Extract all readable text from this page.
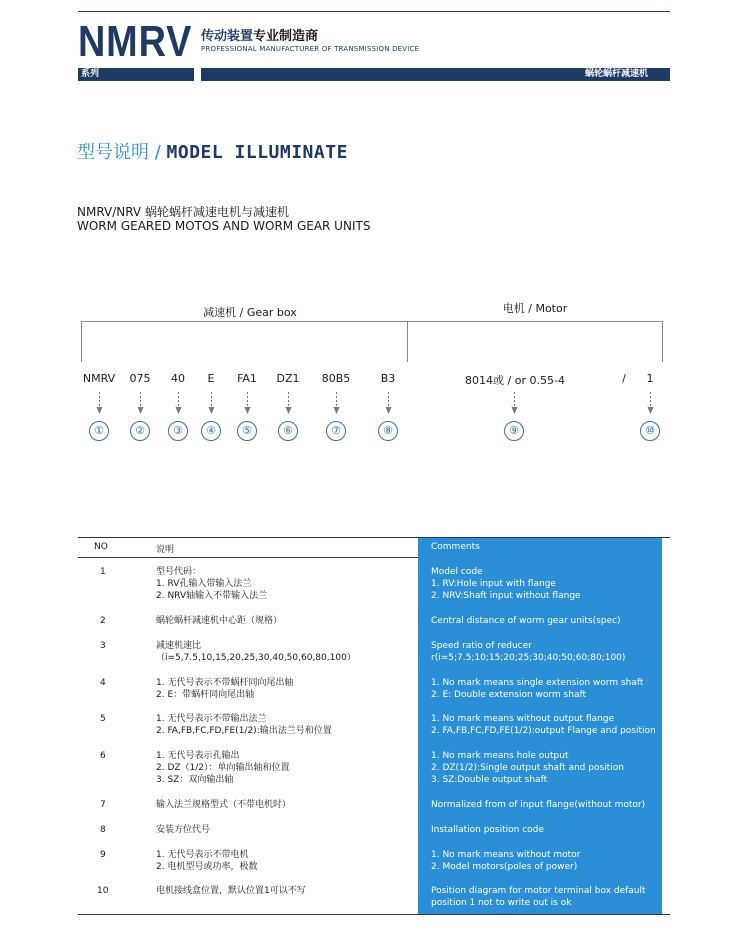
NMRV 传动装置专业制造商
PROFESSIONAL MANUFACTURER OF TRANSMISSION DEVICE
系列	蜗轮蜗杆减速机
型号说明 / MODEL ILLUMINATE
NMRV/NRV 蜗轮蜗杆减速电机与减速机
WORM GEARED MOTOS AND WORM GEAR UNITS
减速机 / Gear box	电机 / Motor
NMRV	075	40	E	FA1	DZ1	80B5	B3	8014或 / or 0.55-4	/	1
①	②	③	④	⑤	⑥	⑦	⑧	⑨	⑩
NO	说明	Comments
1	型号代码：
1. RV孔输入带输入法兰
2. NRV轴输入不带输入法兰
Model code
1. RV:Hole input with flange
2. NRV:Shaft input without flange
2	蜗轮蜗杆减速机中心距（规格）	Central distance of worm gear units(spec)
3	减速机速比
（i=5,7.5,10,15,20,25,30,40,50,60,80,100）
Speed ratio of reducer
r(i=5;7.5;10;15;20;25;30;40;50;60;80;100)
4	1. 无代号表示不带蜗杆同向尾出轴
2. E：带蜗杆同向尾出轴
1. No mark means single extension worm shaft
2. E: Double extension worm shaft
5	1. 无代号表示不带输出法兰
2. FA,FB,FC,FD,FE(1/2):输出法兰号和位置
1. No mark means without output flange
2. FA,FB,FC,FD,FE(1/2):output Flange and position
6	1. 无代号表示孔输出
2. DZ（1/2）：单向输出轴和位置
3. SZ：双向输出轴
1. No mark means hole output
2. DZ(1/2):Single output shaft and position
3. SZ:Double output shaft
7	输入法兰规格型式（不带电机时）	Normalized from of input flange(without motor)
8	安装方位代号	Installation position code
9	1. 无代号表示不带电机
2. 电机型号或功率，极数
1. No mark means without motor
2. Model motors(poles of power)
10	电机接线盒位置，默认位置1可以不写	Position diagram for motor terminal box default
position 1 not to write out is ok
